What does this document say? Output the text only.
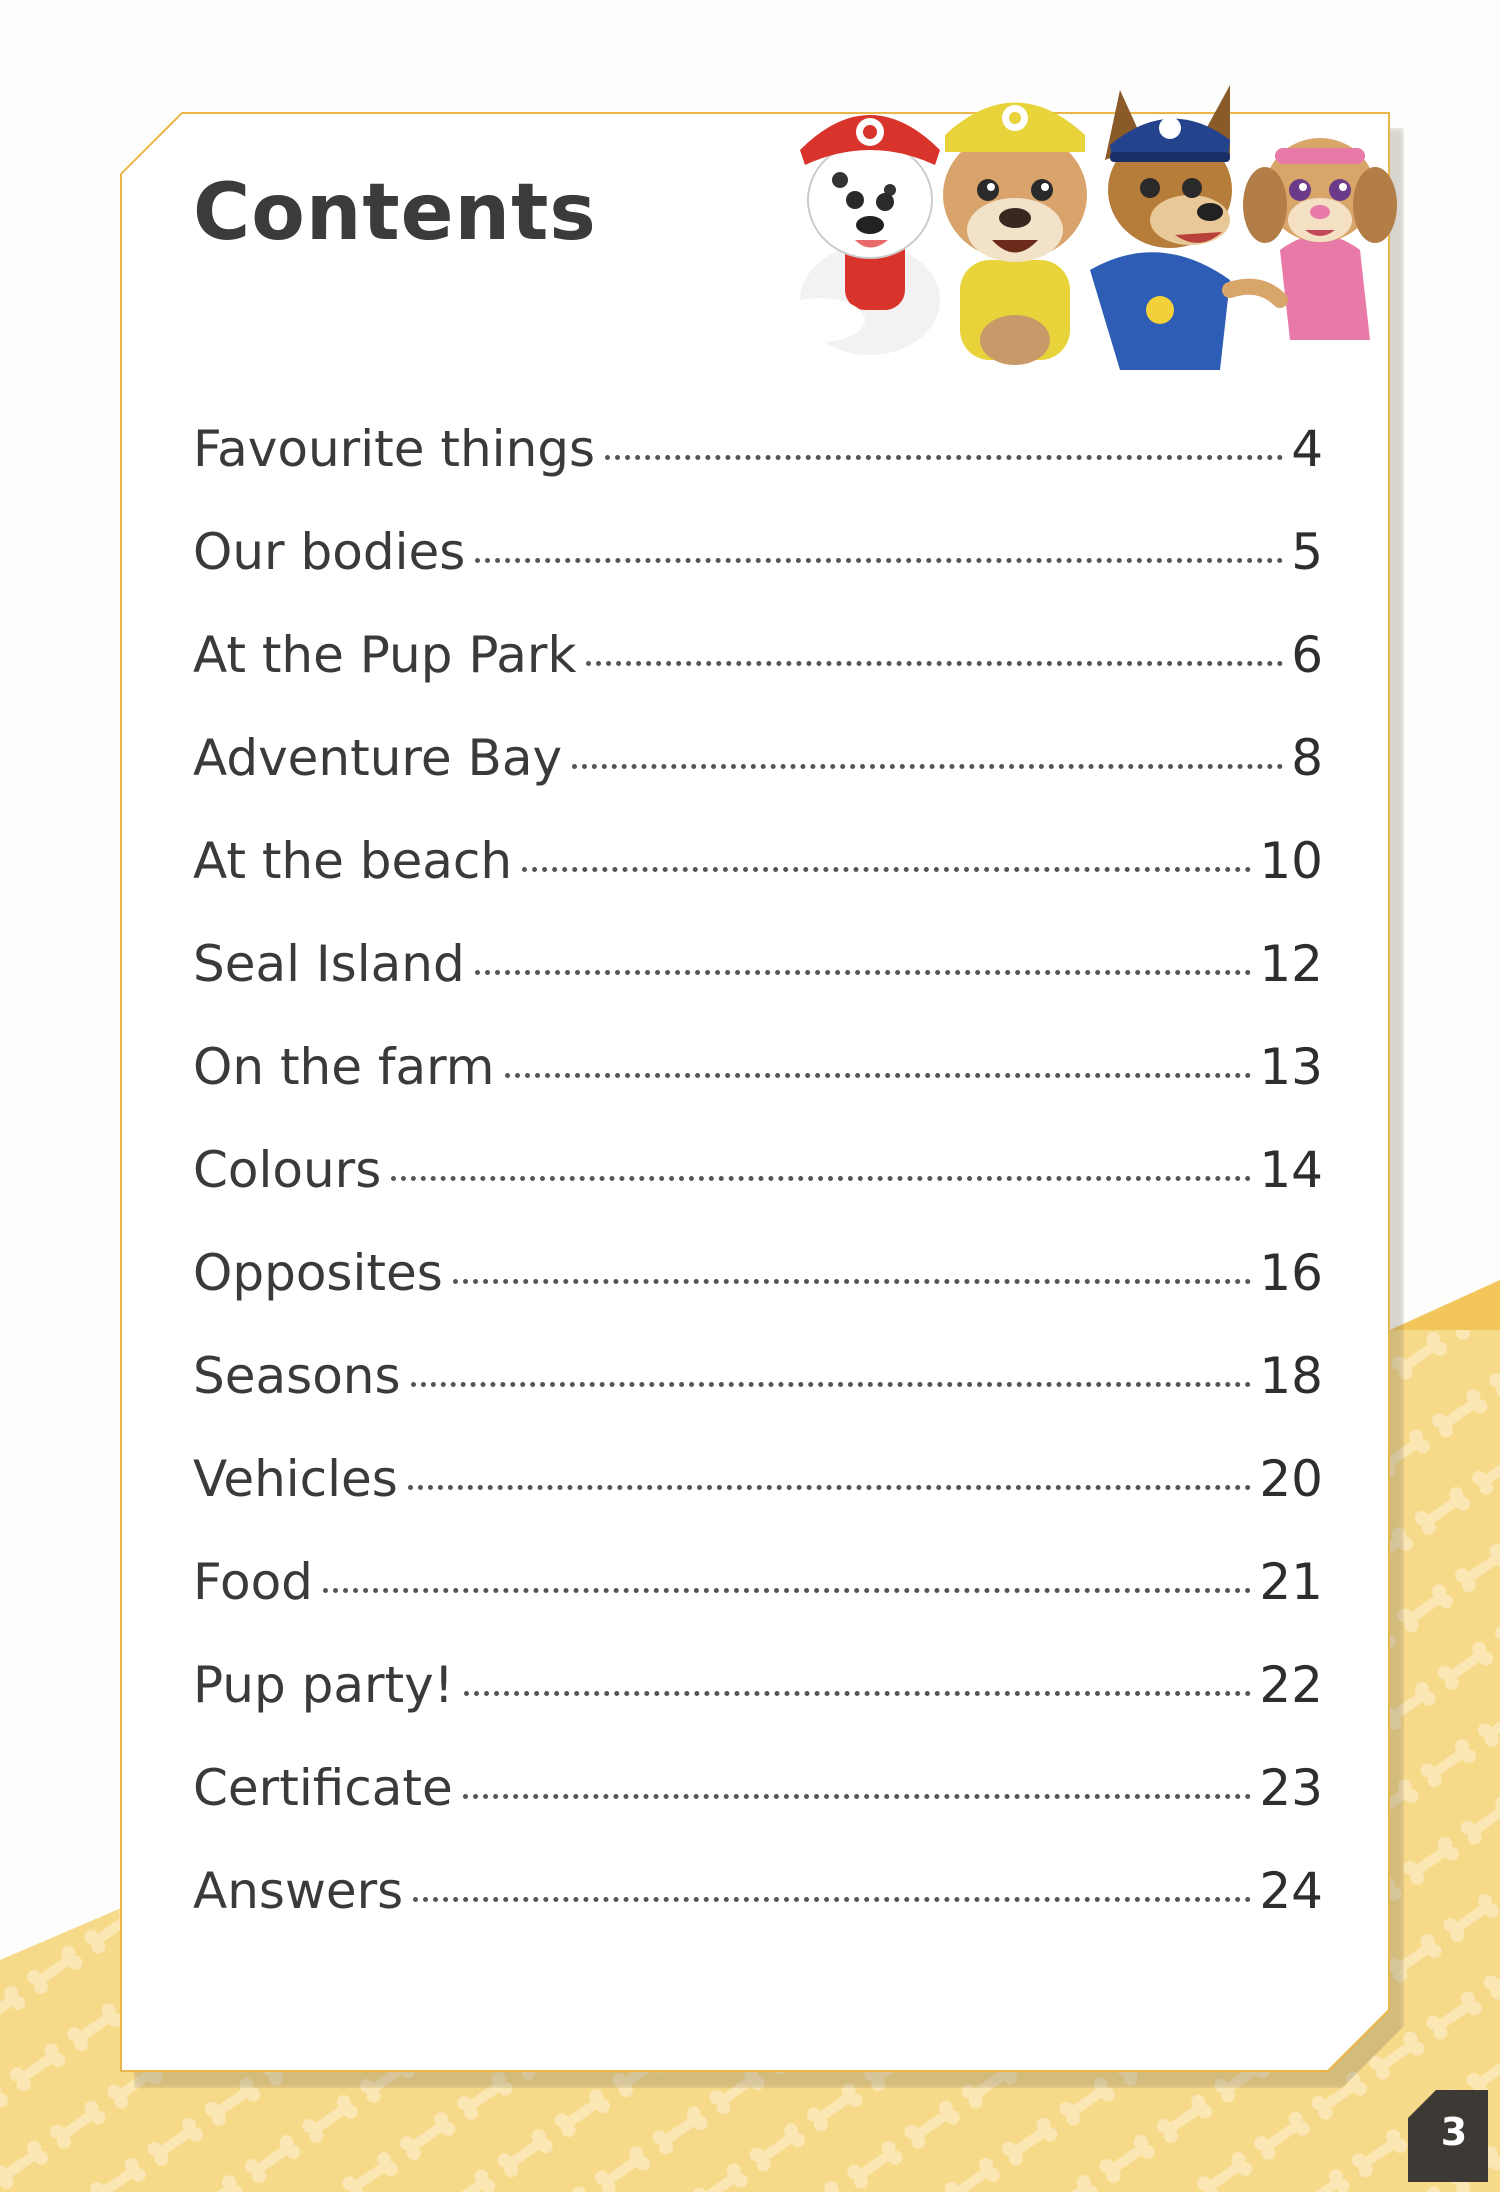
Contents
Favourite things	4
Our bodies	5
At the Pup Park	6
Adventure Bay	8
At the beach	10
Seal Island	12
On the farm	13
Colours	14
Opposites	16
Seasons	18
Vehicles	20
Food	21
Pup party!	22
Certificate	23
Answers	24
3
